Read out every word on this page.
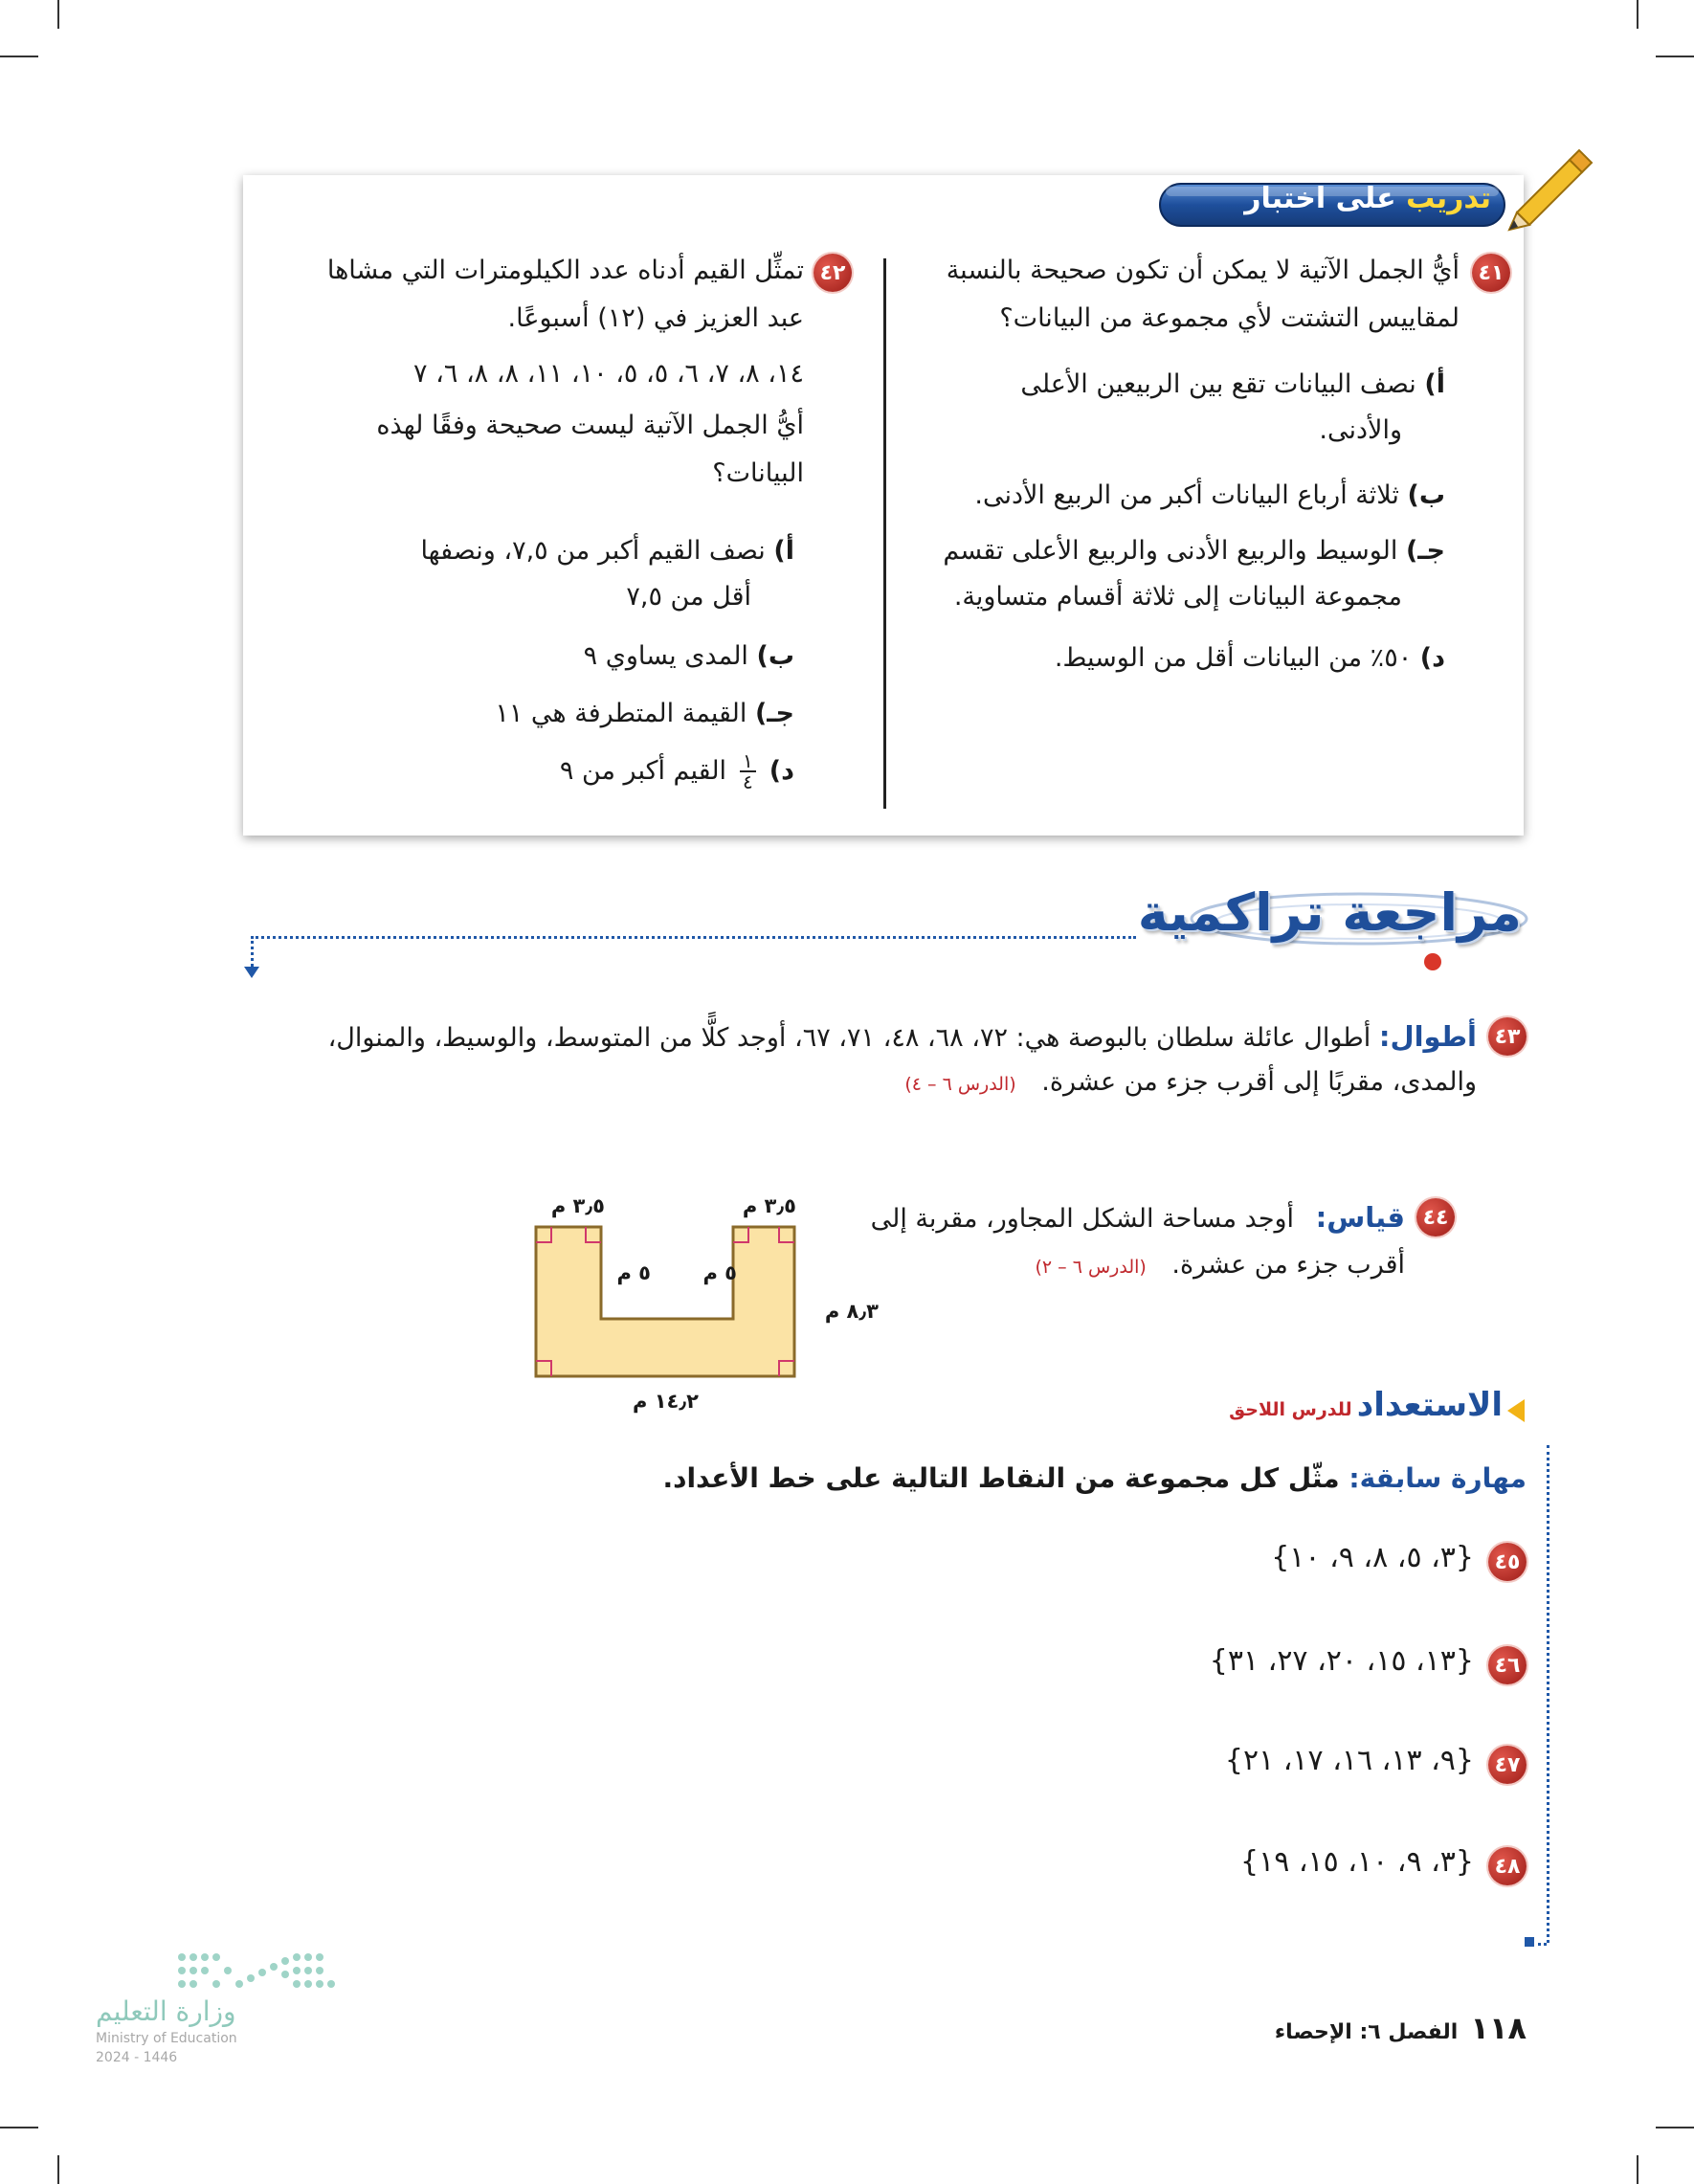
تدريب على اختبار
٤١
أيُّ الجمل الآتية لا يمكن أن تكون صحيحة بالنسبة
لمقاييس التشتت لأي مجموعة من البيانات؟
أ) نصف البيانات تقع بين الربيعين الأعلى
والأدنى.
ب) ثلاثة أرباع البيانات أكبر من الربيع الأدنى.
جـ) الوسيط والربيع الأدنى والربيع الأعلى تقسم
مجموعة البيانات إلى ثلاثة أقسام متساوية.
د) ٥٠٪ من البيانات أقل من الوسيط.
٤٢
تمثِّل القيم أدناه عدد الكيلومترات التي مشاها
عبد العزيز في (١٢) أسبوعًا.
١٤، ٨، ٧، ٦، ٥، ٥، ١٠، ١١، ٨، ٨، ٦، ٧
أيُّ الجمل الآتية ليست صحيحة وفقًا لهذه
البيانات؟
أ) نصف القيم أكبر من ٧,٥، ونصفها
أقل من ٧,٥
ب) المدى يساوي ٩
جـ) القيمة المتطرفة هي ١١
د)
١
٤
القيم أكبر من ٩
مراجعة تراكمية
٤٣
أطوال: أطوال عائلة سلطان بالبوصة هي: ٧٢، ٦٨، ٤٨، ٧١، ٦٧، أوجد كلًّا من المتوسط، والوسيط، والمنوال،
والمدى، مقربًا إلى أقرب جزء من عشرة. (الدرس ٦ – ٤)
٤٤
قياس: أوجد مساحة الشكل المجاور، مقربة إلى
أقرب جزء من عشرة. (الدرس ٦ – ٢)
٣٫٥ م	٣٫٥ م
٥ م	٥ م
٨٫٣ م
١٤٫٢ م	الاستعداد للدرس اللاحق
مهارة سابقة: مثّل كل مجموعة من النقاط التالية على خط الأعداد.
٤٥
{٣، ٥، ٨، ٩، ١٠}
٤٦
{١٣، ١٥، ٢٠، ٢٧، ٣١}
٤٧
{٩، ١٣، ١٦، ١٧، ٢١}
٤٨
{٣، ٩، ١٠، ١٥، ١٩}
وزارة التعليم
Ministry of Education
2024 - 1446
١١٨ الفصل ٦: الإحصاء
